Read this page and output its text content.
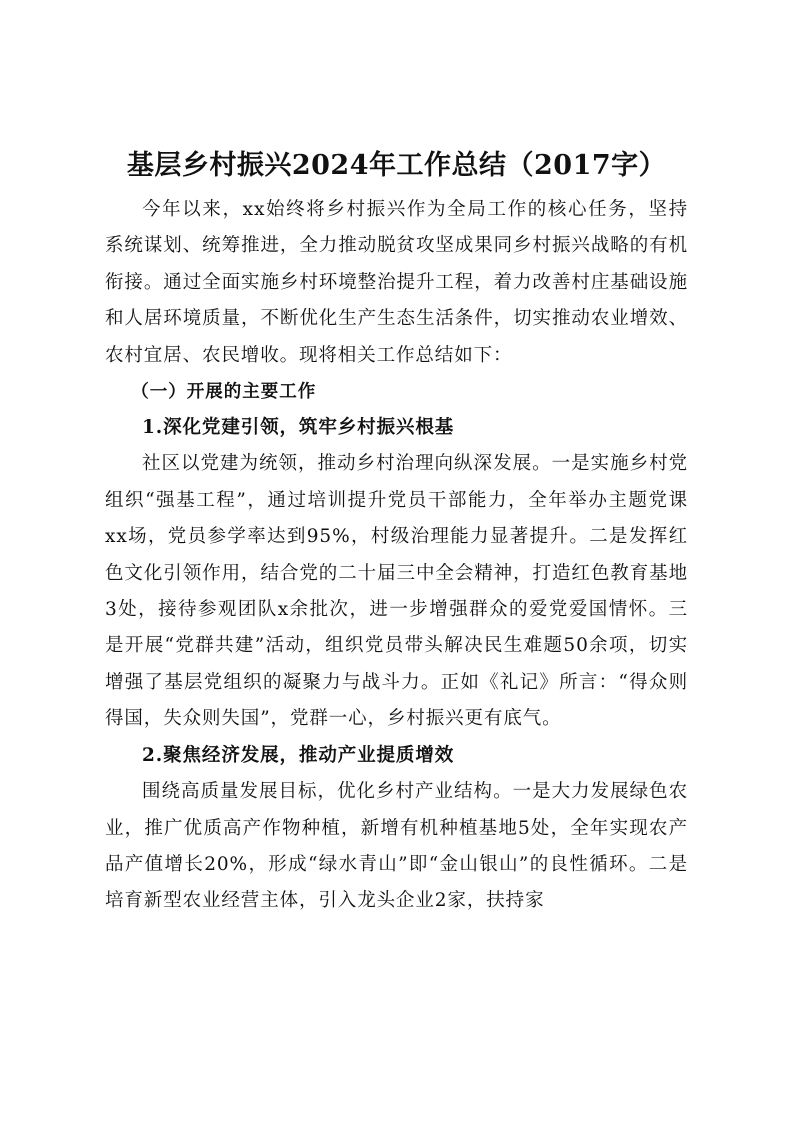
基层乡村振兴2024年工作总结（2017字）

今年以来，xx始终将乡村振兴作为全局工作的核心任务，坚持系统谋划、统筹推进，全力推动脱贫攻坚成果同乡村振兴战略的有机衔接。通过全面实施乡村环境整治提升工程，着力改善村庄基础设施和人居环境质量，不断优化生产生态生活条件，切实推动农业增效、农村宜居、农民增收。现将相关工作总结如下：

（一）开展的主要工作
1.深化党建引领，筑牢乡村振兴根基

社区以党建为统领，推动乡村治理向纵深发展。一是实施乡村党组织“强基工程”，通过培训提升党员干部能力，全年举办主题党课xx场，党员参学率达到95%，村级治理能力显著提升。二是发挥红色文化引领作用，结合党的二十届三中全会精神，打造红色教育基地3处，接待参观团队x余批次，进一步增强群众的爱党爱国情怀。三是开展“党群共建”活动，组织党员带头解决民生难题50余项，切实增强了基层党组织的凝聚力与战斗力。正如《礼记》所言：“得众则得国，失众则失国”，党群一心，乡村振兴更有底气。

2.聚焦经济发展，推动产业提质增效

围绕高质量发展目标，优化乡村产业结构。一是大力发展绿色农业，推广优质高产作物种植，新增有机种植基地5处，全年实现农产品产值增长20%，形成“绿水青山”即“金山银山”的良性循环。二是培育新型农业经营主体，引入龙头企业2家，扶持家
